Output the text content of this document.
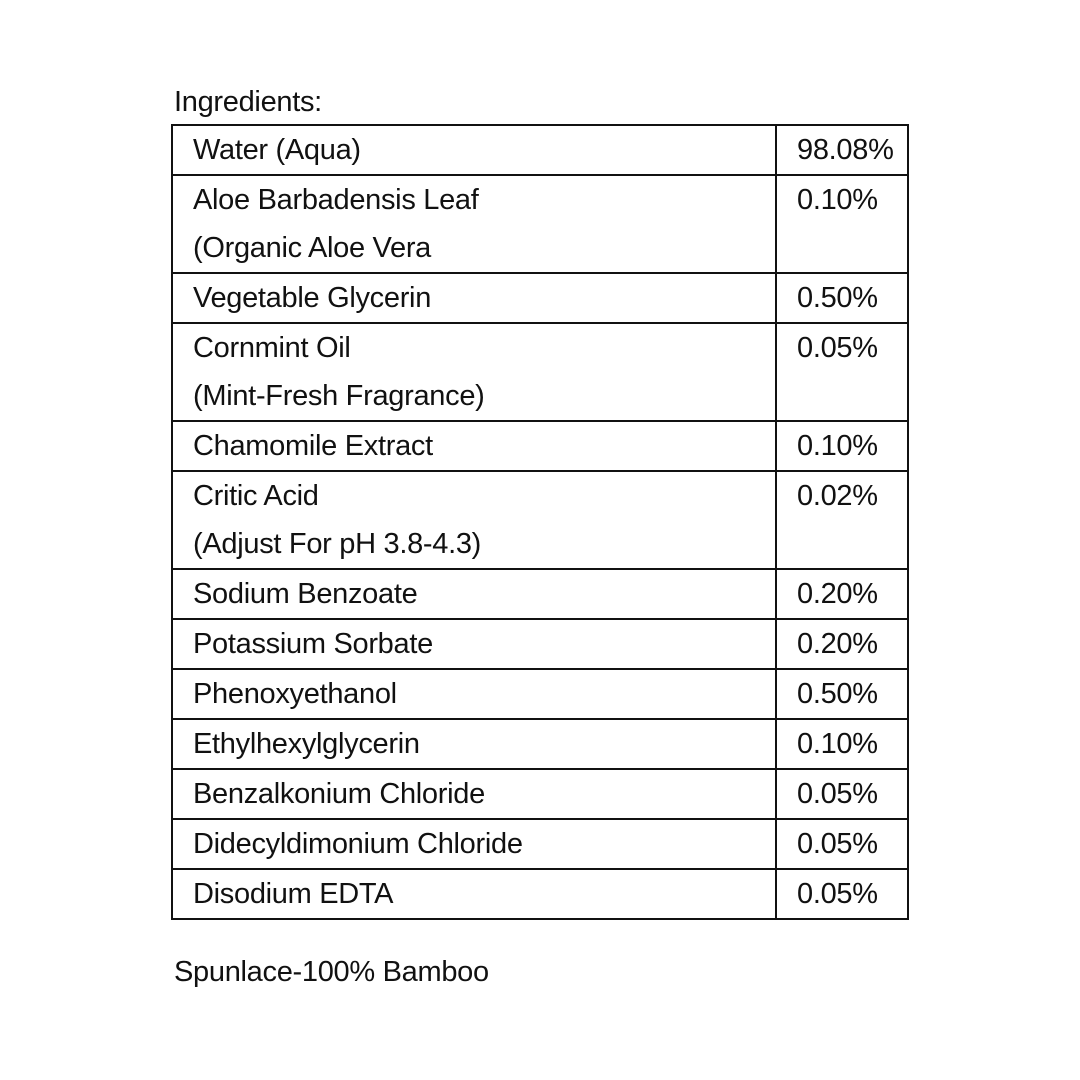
Ingredients:
Water (Aqua)	98.08%

Aloe Barbadensis Leaf
(Organic Aloe Vera	0.10%

Vegetable Glycerin	0.50%

Cornmint Oil
(Mint-Fresh Fragrance)	0.05%

Chamomile Extract	0.10%

Critic Acid
(Adjust For pH 3.8-4.3)	0.02%

Sodium Benzoate	0.20%

Potassium Sorbate	0.20%

Phenoxyethanol	0.50%

Ethylhexylglycerin	0.10%

Benzalkonium Chloride	0.05%

Didecyldimonium Chloride	0.05%

Disodium EDTA	0.05%
Spunlace-100% Bamboo
